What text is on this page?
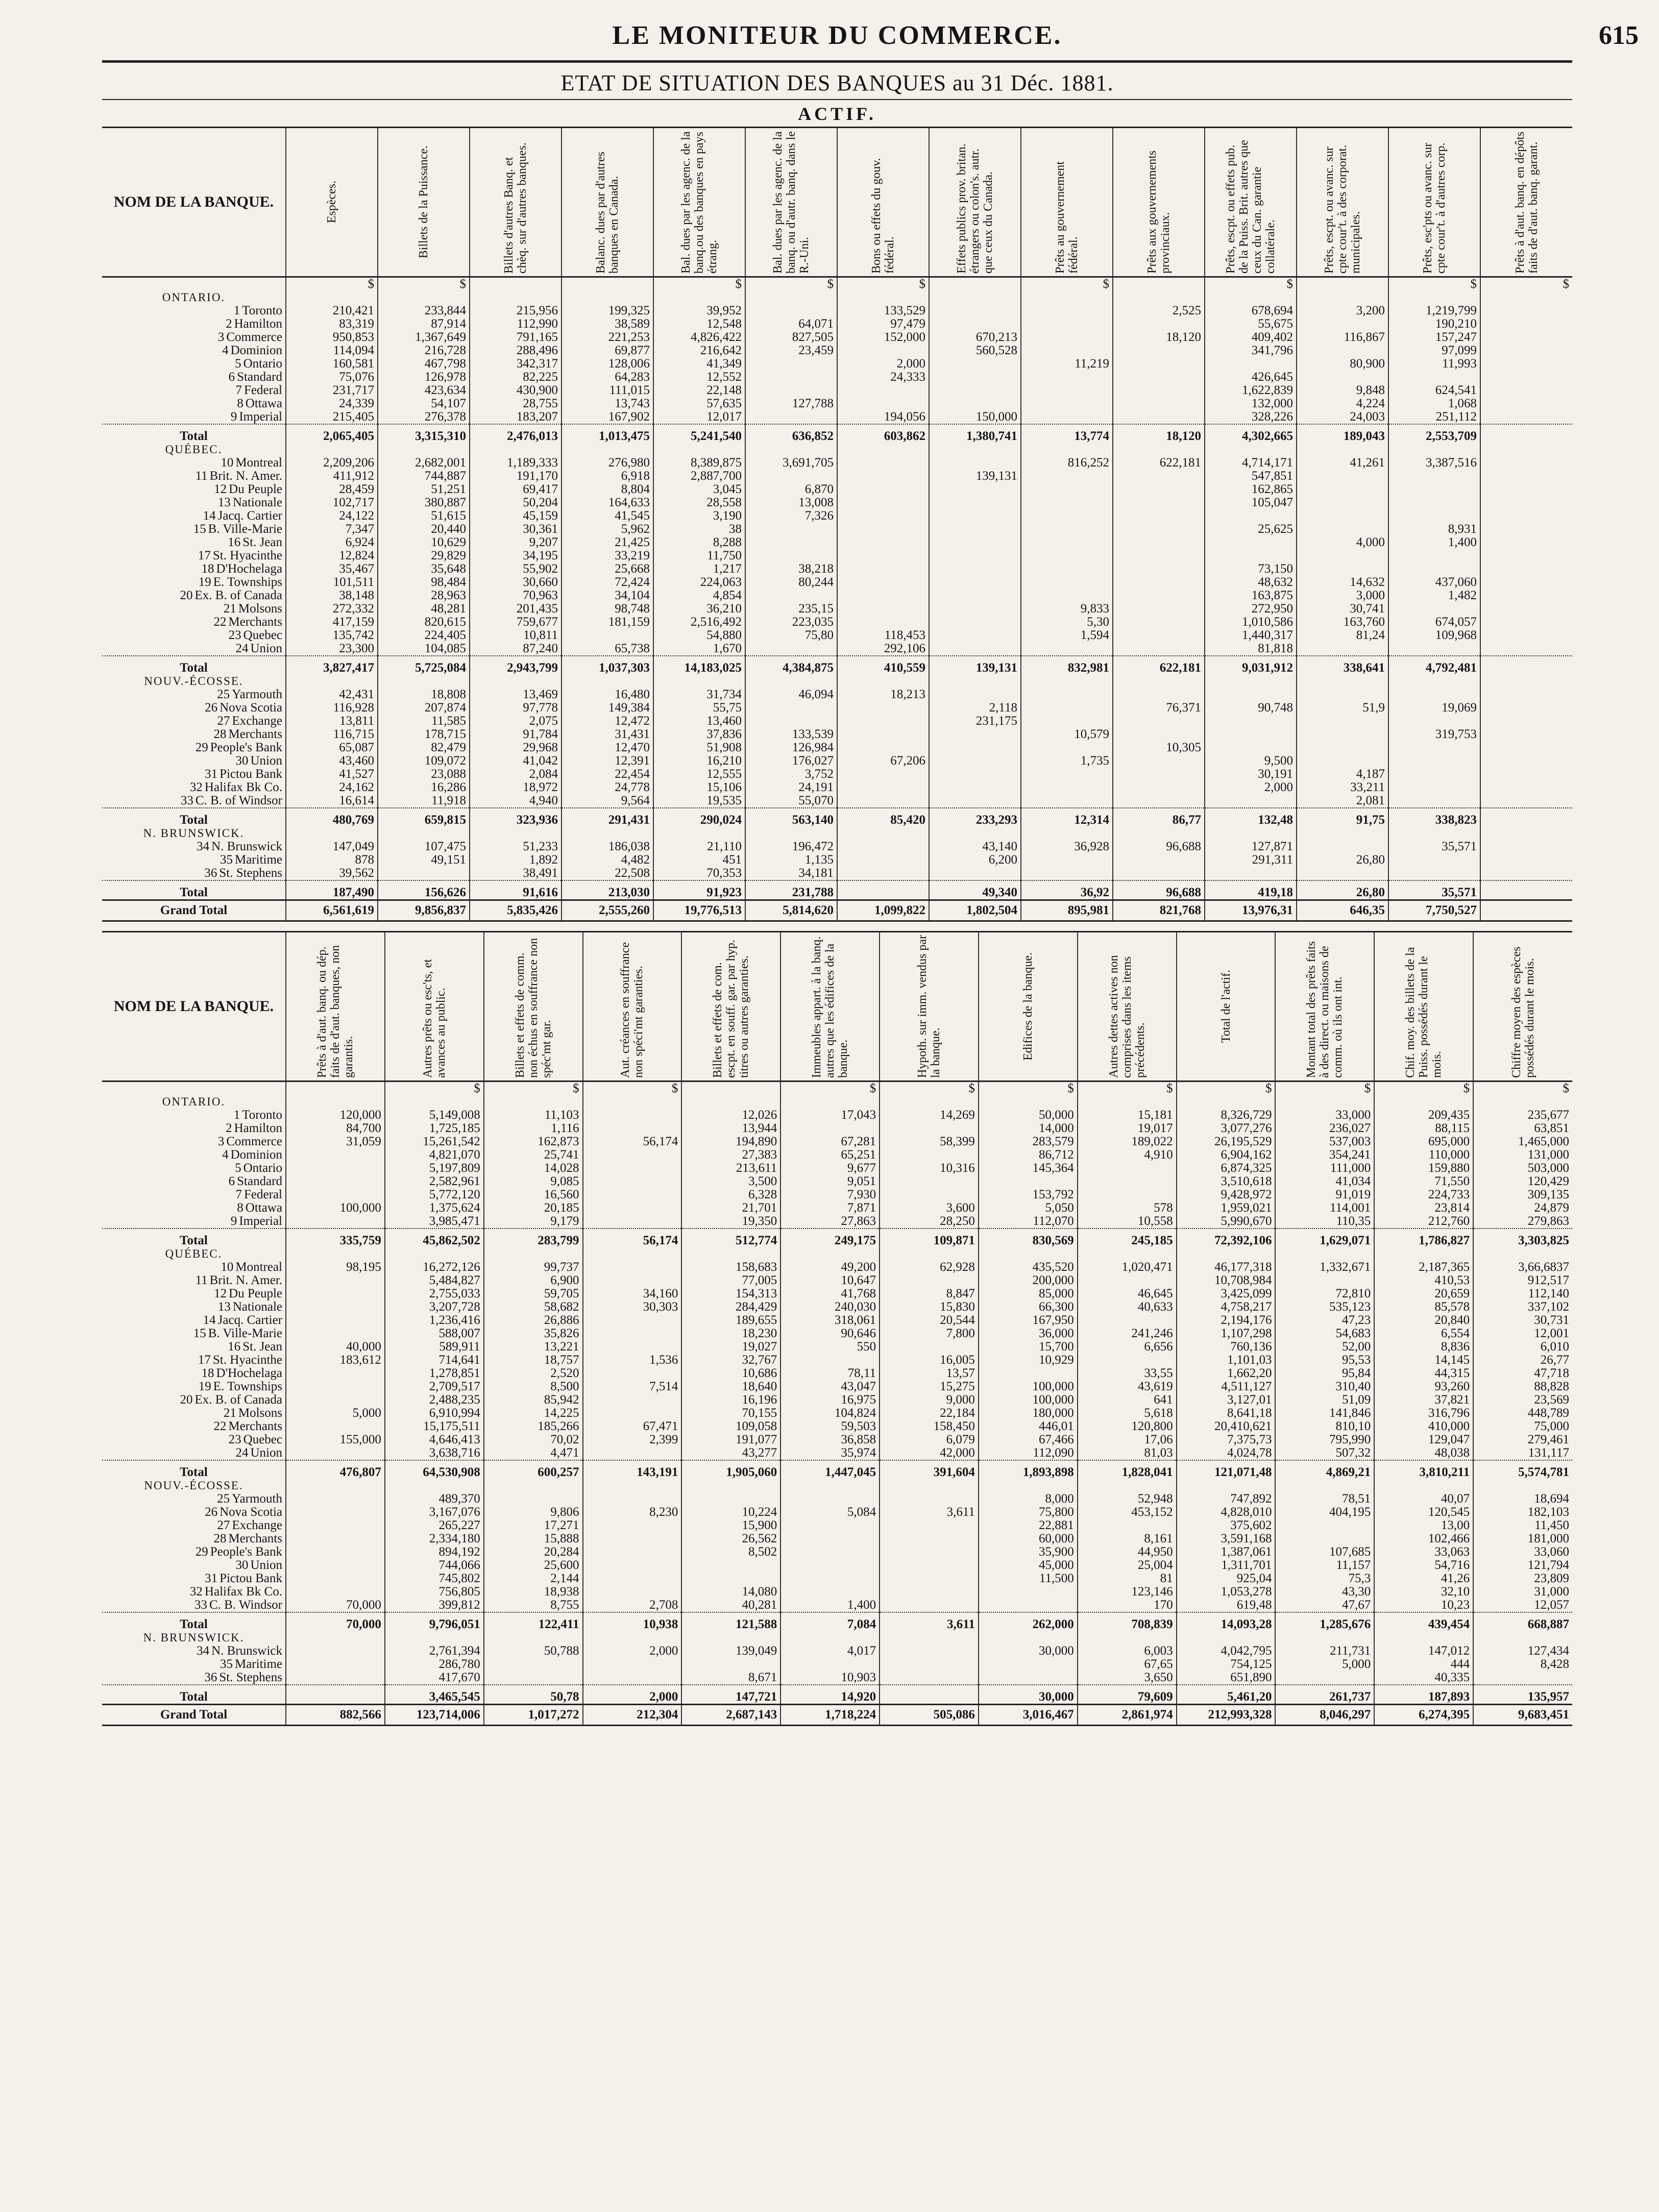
LE MONITEUR DU COMMERCE.	615
ETAT DE SITUATION DES BANQUES au 31 Déc. 1881.
ACTIF.
NOM DE LA BANQUE.	Espèces.	Billets de la Puissance.	Billets d'autres Banq. et chèq. sur d'autres banques.	Balanc. dues par d'autres banques en Canada.	Bal. dues par les agenc. de la banq.ou des banques en pays étrang.	Bal. dues par les agenc. de la banq. ou d'autr. banq. dans le R.-Uni.	Bons ou effets du gouv. fédéral.	Effets publics prov. britan. étrangers ou colon's. autr. que ceux du Canada.	Prêts au gouvernement fédéral.	Prêts aux gouvernements provinciaux.	Prêts, escpt. ou effets pub. de la Puiss. Brit. autres que ceux du Can. garantie collatérale.	Prêts, escpt. ou avanc. sur cpte cour't. à des corporat. municipales.	Prêts, esc'pts ou avanc. sur cpte cour't. à d'autres corp.	Prêts à d'aut. banq. en dépôts faits de d'aut. banq. garant.

	$	$			$	$	$		$		$		$	$
ONTARIO.														
1 Toronto	210,421	233,844	215,956	199,325	39,952		133,529			2,525	678,694	3,200	1,219,799	
2 Hamilton	83,319	87,914	112,990	38,589	12,548	64,071	97,479				55,675		190,210	
3 Commerce	950,853	1,367,649	791,165	221,253	4,826,422	827,505	152,000	670,213		18,120	409,402	116,867	157,247	
4 Dominion	114,094	216,728	288,496	69,877	216,642	23,459		560,528			341,796		97,099	
5 Ontario	160,581	467,798	342,317	128,006	41,349		2,000		11,219			80,900	11,993	
6 Standard	75,076	126,978	82,225	64,283	12,552		24,333				426,645			
7 Federal	231,717	423,634	430,900	111,015	22,148						1,622,839	9,848	624,541	
8 Ottawa	24,339	54,107	28,755	13,743	57,635	127,788					132,000	4,224	1,068	
9 Imperial	215,405	276,378	183,207	167,902	12,017		194,056	150,000			328,226	24,003	251,112	
Total	2,065,405	3,315,310	2,476,013	1,013,475	5,241,540	636,852	603,862	1,380,741	13,774	18,120	4,302,665	189,043	2,553,709	
QUÉBEC.														
10 Montreal	2,209,206	2,682,001	1,189,333	276,980	8,389,875	3,691,705			816,252	622,181	4,714,171	41,261	3,387,516	
11 Brit. N. Amer.	411,912	744,887	191,170	6,918	2,887,700			139,131			547,851			
12 Du Peuple	28,459	51,251	69,417	8,804	3,045	6,870					162,865			
13 Nationale	102,717	380,887	50,204	164,633	28,558	13,008					105,047			
14 Jacq. Cartier	24,122	51,615	45,159	41,545	3,190	7,326								
15 B. Ville-Marie	7,347	20,440	30,361	5,962	38						25,625		8,931	
16 St. Jean	6,924	10,629	9,207	21,425	8,288							4,000	1,400	
17 St. Hyacinthe	12,824	29,829	34,195	33,219	11,750									
18 D'Hochelaga	35,467	35,648	55,902	25,668	1,217	38,218					73,150			
19 E. Townships	101,511	98,484	30,660	72,424	224,063	80,244					48,632	14,632	437,060	
20 Ex. B. of Canada	38,148	28,963	70,963	34,104	4,854						163,875	3,000	1,482	
21 Molsons	272,332	48,281	201,435	98,748	36,210	235,15			9,833		272,950	30,741		
22 Merchants	417,159	820,615	759,677	181,159	2,516,492	223,035			5,30		1,010,586	163,760	674,057	
23 Quebec	135,742	224,405	10,811		54,880	75,80	118,453		1,594		1,440,317	81,24	109,968	
24 Union	23,300	104,085	87,240	65,738	1,670		292,106				81,818			
Total	3,827,417	5,725,084	2,943,799	1,037,303	14,183,025	4,384,875	410,559	139,131	832,981	622,181	9,031,912	338,641	4,792,481	
NOUV.-ÉCOSSE.														
25 Yarmouth	42,431	18,808	13,469	16,480	31,734	46,094	18,213							
26 Nova Scotia	116,928	207,874	97,778	149,384	55,75			2,118		76,371	90,748	51,9	19,069	
27 Exchange	13,811	11,585	2,075	12,472	13,460			231,175						
28 Merchants	116,715	178,715	91,784	31,431	37,836	133,539			10,579				319,753	
29 People's Bank	65,087	82,479	29,968	12,470	51,908	126,984				10,305				
30 Union	43,460	109,072	41,042	12,391	16,210	176,027	67,206		1,735		9,500			
31 Pictou Bank	41,527	23,088	2,084	22,454	12,555	3,752					30,191	4,187		
32 Halifax Bk Co.	24,162	16,286	18,972	24,778	15,106	24,191					2,000	33,211		
33 C. B. of Windsor	16,614	11,918	4,940	9,564	19,535	55,070						2,081		
Total	480,769	659,815	323,936	291,431	290,024	563,140	85,420	233,293	12,314	86,77	132,48	91,75	338,823	
N. BRUNSWICK.														
34 N. Brunswick	147,049	107,475	51,233	186,038	21,110	196,472		43,140	36,928	96,688	127,871		35,571	
35 Maritime	878	49,151	1,892	4,482	451	1,135		6,200			291,311	26,80		
36 St. Stephens	39,562		38,491	22,508	70,353	34,181								
Total	187,490	156,626	91,616	213,030	91,923	231,788		49,340	36,92	96,688	419,18	26,80	35,571	
Grand Total	6,561,619	9,856,837	5,835,426	2,555,260	19,776,513	5,814,620	1,099,822	1,802,504	895,981	821,768	13,976,31	646,35	7,750,527	
NOM DE LA BANQUE.	Prêts à d'aut. banq. ou dép. faits de d'aut. banques, non garantis.	Autres prêts ou esc'ts, et avances au public.	Billets et effets de comm. non échus en souffrance non spéc'mt gar.	Aut. créances en souffrance non spéci'mt garanties.	Billets et effets de com. escpt. en souff. gar. par hyp. titres ou autres garanties.	Immeubles appart. à la banq. autres que les édifices de la banque.	Hypoth. sur imm. vendus par la banque.	Edifices de la banque.	Autres dettes actives non comprises dans les items précédents.	Total de l'actif.	Montant total des prêts faits à des direct. ou maisons de comm. où ils ont int.	Chif. moy. des billets de la Puiss. possédés durant le mois.	Chiffre moyen des espèces possédés durant le mois.

		$	$	$		$	$	$	$	$	$	$	$
ONTARIO.													
1 Toronto	120,000	5,149,008	11,103		12,026	17,043	14,269	50,000	15,181	8,326,729	33,000	209,435	235,677
2 Hamilton	84,700	1,725,185	1,116		13,944			14,000	19,017	3,077,276	236,027	88,115	63,851
3 Commerce	31,059	15,261,542	162,873	56,174	194,890	67,281	58,399	283,579	189,022	26,195,529	537,003	695,000	1,465,000
4 Dominion		4,821,070	25,741		27,383	65,251		86,712	4,910	6,904,162	354,241	110,000	131,000
5 Ontario		5,197,809	14,028		213,611	9,677	10,316	145,364		6,874,325	111,000	159,880	503,000
6 Standard		2,582,961	9,085		3,500	9,051				3,510,618	41,034	71,550	120,429
7 Federal		5,772,120	16,560		6,328	7,930		153,792		9,428,972	91,019	224,733	309,135
8 Ottawa	100,000	1,375,624	20,185		21,701	7,871	3,600	5,050	578	1,959,021	114,001	23,814	24,879
9 Imperial		3,985,471	9,179		19,350	27,863	28,250	112,070	10,558	5,990,670	110,35	212,760	279,863
Total	335,759	45,862,502	283,799	56,174	512,774	249,175	109,871	830,569	245,185	72,392,106	1,629,071	1,786,827	3,303,825
QUÉBEC.													
10 Montreal	98,195	16,272,126	99,737		158,683	49,200	62,928	435,520	1,020,471	46,177,318	1,332,671	2,187,365	3,66,6837
11 Brit. N. Amer.		5,484,827	6,900		77,005	10,647		200,000		10,708,984		410,53	912,517
12 Du Peuple		2,755,033	59,705	34,160	154,313	41,768	8,847	85,000	46,645	3,425,099	72,810	20,659	112,140
13 Nationale		3,207,728	58,682	30,303	284,429	240,030	15,830	66,300	40,633	4,758,217	535,123	85,578	337,102
14 Jacq. Cartier		1,236,416	26,886		189,655	318,061	20,544	167,950		2,194,176	47,23	20,840	30,731
15 B. Ville-Marie		588,007	35,826		18,230	90,646	7,800	36,000	241,246	1,107,298	54,683	6,554	12,001
16 St. Jean	40,000	589,911	13,221		19,027	550		15,700	6,656	760,136	52,00	8,836	6,010
17 St. Hyacinthe	183,612	714,641	18,757	1,536	32,767		16,005	10,929		1,101,03	95,53	14,145	26,77
18 D'Hochelaga		1,278,851	2,520		10,686	78,11	13,57		33,55	1,662,20	95,84	44,315	47,718
19 E. Townships		2,709,517	8,500	7,514	18,640	43,047	15,275	100,000	43,619	4,511,127	310,40	93,260	88,828
20 Ex. B. of Canada		2,488,235	85,942		16,196	16,975	9,000	100,000	641	3,127,01	51,09	37,821	23,569
21 Molsons	5,000	6,910,994	14,225		70,155	104,824	22,184	180,000	5,618	8,641,18	141,846	316,796	448,789
22 Merchants		15,175,511	185,266	67,471	109,058	59,503	158,450	446,01	120,800	20,410,621	810,10	410,000	75,000
23 Quebec	155,000	4,646,413	70,02	2,399	191,077	36,858	6,079	67,466	17,06	7,375,73	795,990	129,047	279,461
24 Union		3,638,716	4,471		43,277	35,974	42,000	112,090	81,03	4,024,78	507,32	48,038	131,117
Total	476,807	64,530,908	600,257	143,191	1,905,060	1,447,045	391,604	1,893,898	1,828,041	121,071,48	4,869,21	3,810,211	5,574,781
NOUV.-ÉCOSSE.													
25 Yarmouth		489,370						8,000	52,948	747,892	78,51	40,07	18,694
26 Nova Scotia		3,167,076	9,806	8,230	10,224	5,084	3,611	75,800	453,152	4,828,010	404,195	120,545	182,103
27 Exchange		265,227	17,271		15,900			22,881		375,602		13,00	11,450
28 Merchants		2,334,180	15,888		26,562			60,000	8,161	3,591,168		102,466	181,000
29 People's Bank		894,192	20,284		8,502			35,900	44,950	1,387,061	107,685	33,063	33,060
30 Union		744,066	25,600					45,000	25,004	1,311,701	11,157	54,716	121,794
31 Pictou Bank		745,802	2,144					11,500	81	925,04	75,3	41,26	23,809
32 Halifax Bk Co.		756,805	18,938		14,080				123,146	1,053,278	43,30	32,10	31,000
33 C. B. Windsor	70,000	399,812	8,755	2,708	40,281	1,400			170	619,48	47,67	10,23	12,057
Total	70,000	9,796,051	122,411	10,938	121,588	7,084	3,611	262,000	708,839	14,093,28	1,285,676	439,454	668,887
N. BRUNSWICK.													
34 N. Brunswick		2,761,394	50,788	2,000	139,049	4,017		30,000	6,003	4,042,795	211,731	147,012	127,434
35 Maritime		286,780							67,65	754,125	5,000	444	8,428
36 St. Stephens		417,670			8,671	10,903			3,650	651,890		40,335	
Total		3,465,545	50,78	2,000	147,721	14,920		30,000	79,609	5,461,20	261,737	187,893	135,957
Grand Total	882,566	123,714,006	1,017,272	212,304	2,687,143	1,718,224	505,086	3,016,467	2,861,974	212,993,328	8,046,297	6,274,395	9,683,451
